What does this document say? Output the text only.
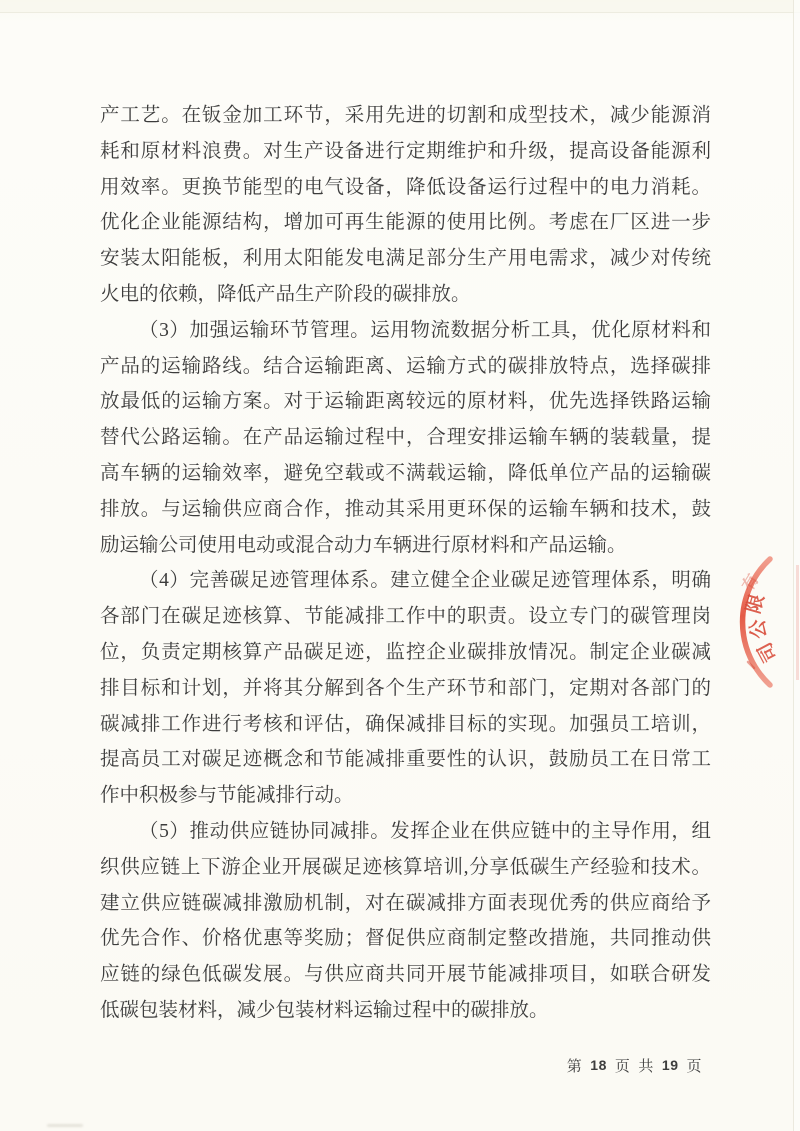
产工艺。在钣金加工环节，采用先进的切割和成型技术，减少能源消
耗和原材料浪费。对生产设备进行定期维护和升级，提高设备能源利
用效率。更换节能型的电气设备，降低设备运行过程中的电力消耗。
优化企业能源结构，增加可再生能源的使用比例。考虑在厂区进一步
安装太阳能板，利用太阳能发电满足部分生产用电需求，减少对传统
火电的依赖，降低产品生产阶段的碳排放。
（3）加强运输环节管理。运用物流数据分析工具，优化原材料和
产品的运输路线。结合运输距离、运输方式的碳排放特点，选择碳排
放最低的运输方案。对于运输距离较远的原材料，优先选择铁路运输
替代公路运输。在产品运输过程中，合理安排运输车辆的装载量，提
高车辆的运输效率，避免空载或不满载运输，降低单位产品的运输碳
排放。与运输供应商合作，推动其采用更环保的运输车辆和技术，鼓
励运输公司使用电动或混合动力车辆进行原材料和产品运输。
（4）完善碳足迹管理体系。建立健全企业碳足迹管理体系，明确
各部门在碳足迹核算、节能减排工作中的职责。设立专门的碳管理岗
位，负责定期核算产品碳足迹，监控企业碳排放情况。制定企业碳减
排目标和计划，并将其分解到各个生产环节和部门，定期对各部门的
碳减排工作进行考核和评估，确保减排目标的实现。加强员工培训，
提高员工对碳足迹概念和节能减排重要性的认识，鼓励员工在日常工
作中积极参与节能减排行动。
（5）推动供应链协同减排。发挥企业在供应链中的主导作用，组
织供应链上下游企业开展碳足迹核算培训,分享低碳生产经验和技术。
建立供应链碳减排激励机制，对在碳减排方面表现优秀的供应商给予
优先合作、价格优惠等奖励；督促供应商制定整改措施，共同推动供
应链的绿色低碳发展。与供应商共同开展节能减排项目，如联合研发
低碳包装材料，减少包装材料运输过程中的碳排放。
有
限
公
司
第 18 页 共 19 页
